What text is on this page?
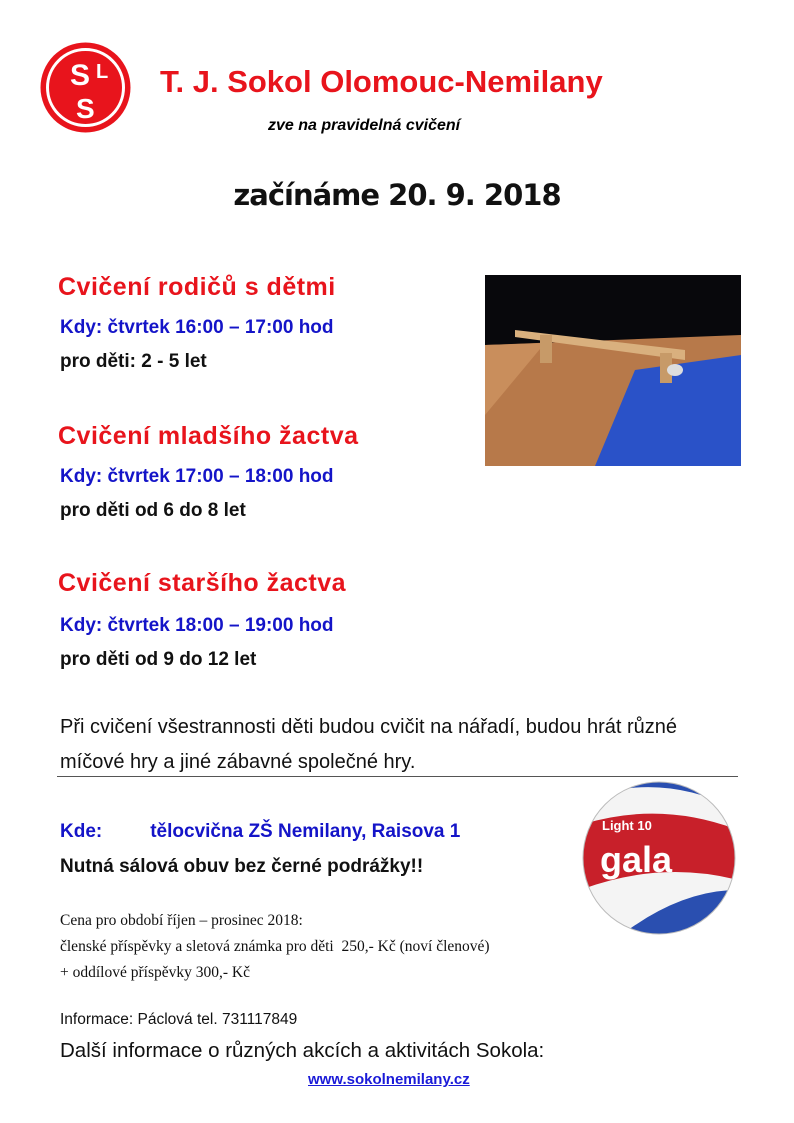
S L
S
T. J. Sokol Olomouc-Nemilany
zve na pravidelná cvičení
začínáme 20. 9. 2018
Cvičení rodičů s dětmi
Kdy: čtvrtek 16:00 – 17:00 hod
pro děti: 2 - 5 let
Cvičení mladšího žactva
Kdy: čtvrtek 17:00 – 18:00 hod
pro děti od 6 do 8 let
Cvičení staršího žactva
Kdy: čtvrtek 18:00 – 19:00 hod
pro děti od 9 do 12 let
Při cvičení všestrannosti děti budou cvičit na nářadí, budou hrát různé
míčové hry a jiné zábavné společné hry.
Kde:	tělocvična ZŠ Nemilany, Raisova 1
Nutná sálová obuv bez černé podrážky!!
Light 10
gala
Cena pro období říjen – prosinec 2018:
členské příspěvky a sletová známka pro děti  250,- Kč (noví členové)
+ oddílové příspěvky 300,- Kč
Informace: Páclová tel. 731117849
Další informace o různých akcích a aktivitách Sokola:
www.sokolnemilany.cz
